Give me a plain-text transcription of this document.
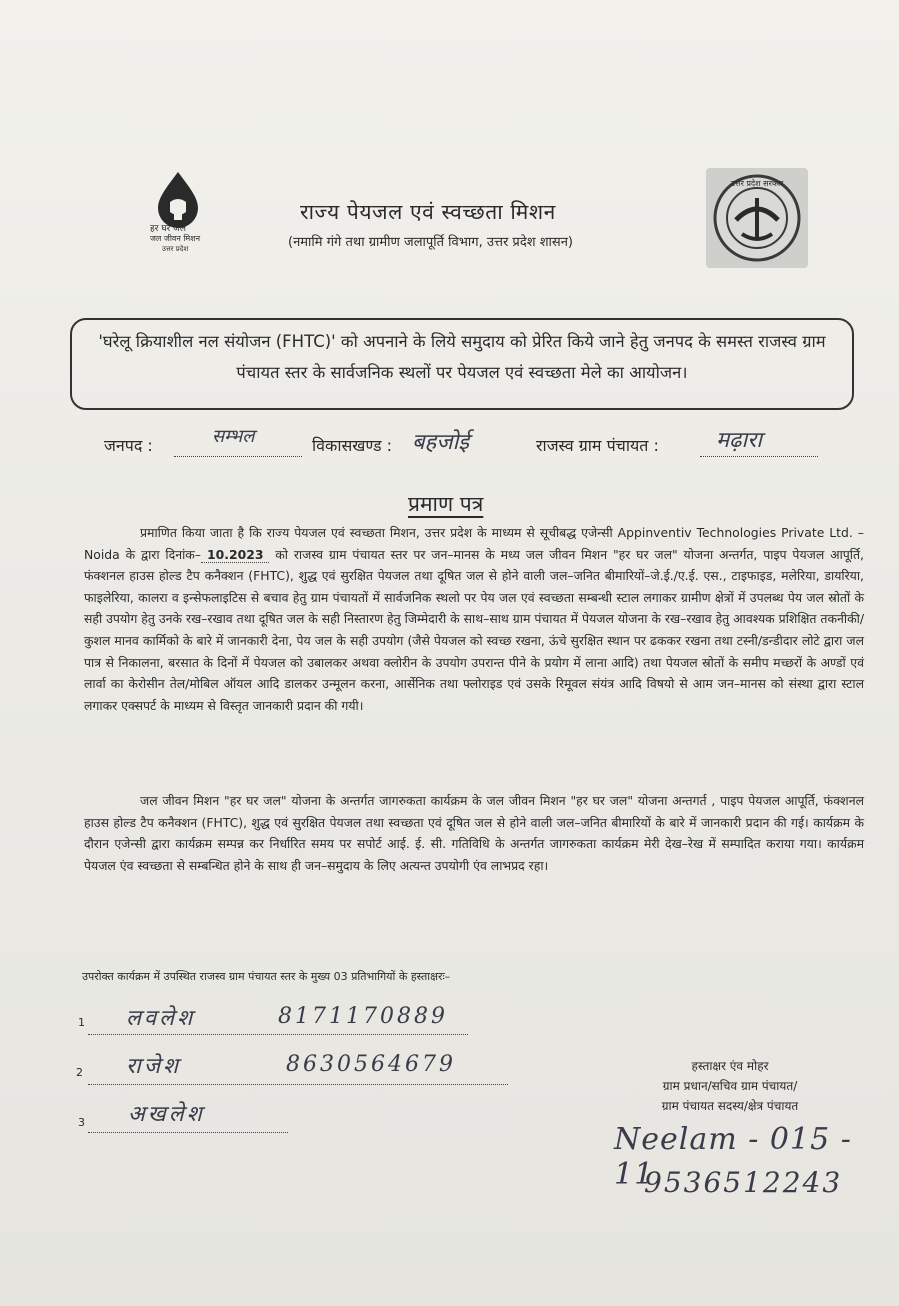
हर घर जल
जल जीवन मिशन
उत्तर प्रदेश
उत्तर प्रदेश सरकार
राज्य पेयजल एवं स्वच्छता मिशन
(नमामि गंगे तथा ग्रामीण जलापूर्ति विभाग, उत्तर प्रदेश शासन)
'घरेलू क्रियाशील नल संयोजन (FHTC)' को अपनाने के लिये समुदाय को प्रेरित किये जाने हेतु जनपद के समस्त राजस्व ग्राम पंचायत स्तर के सार्वजनिक स्थलों पर पेयजल एवं स्वच्छता मेले का आयोजन।
जनपद :	सम्भल	विकासखण्ड : बहजोई	राजस्व ग्राम पंचायत :	मढ़ारा
प्रमाण पत्र

प्रमाणित किया जाता है कि राज्य पेयजल एवं स्वच्छता मिशन, उत्तर प्रदेश के माध्यम से सूचीबद्ध एजेन्सी Appinventiv Technologies Private Ltd. – Noida के द्वारा दिनांक– 10.2023 को राजस्व ग्राम पंचायत स्तर पर जन–मानस के मध्य जल जीवन मिशन "हर घर जल" योजना अन्तर्गत, पाइप पेयजल आपूर्ति, फंक्शनल हाउस होल्ड टैप कनैक्शन (FHTC), शुद्ध एवं सुरक्षित पेयजल तथा दूषित जल से होने वाली जल–जनित बीमारियों–जे.ई./ए.ई. एस., टाइफाइड, मलेरिया, डायरिया, फाइलेरिया, कालरा व इन्सेफलाइटिस से बचाव हेतु ग्राम पंचायतों में सार्वजनिक स्थलो पर पेय जल एवं स्वच्छता सम्बन्धी स्टाल लगाकर ग्रामीण क्षेत्रों में उपलब्ध पेय जल स्रोतों के सही उपयोग हेतु उनके रख–रखाव तथा दूषित जल के सही निस्तारण हेतु जिम्मेदारी के साथ–साथ ग्राम पंचायत में पेयजल योजना के रख–रखाव हेतु आवश्यक प्रशिक्षित तकनीकी/कुशल मानव कार्मिको के बारे में जानकारी देना, पेय जल के सही उपयोग (जैसे पेयजल को स्वच्छ रखना, ऊंचे सुरक्षित स्थान पर ढककर रखना तथा टस्नी/डन्डीदार लोटे द्वारा जल पात्र से निकालना, बरसात के दिनों में पेयजल को उबालकर अथवा क्लोरीन के उपयोग उपरान्त पीने के प्रयोग में लाना आदि) तथा पेयजल स्रोतों के समीप मच्छरों के अण्डों एवं लार्वा का केरोसीन तेल/मोबिल ऑयल आदि डालकर उन्मूलन करना, आर्सेनिक तथा फ्लोराइड एवं उसके रिमूवल संयंत्र आदि विषयो से आम जन–मानस को संस्था द्वारा स्टाल लगाकर एक्सपर्ट के माध्यम से विस्तृत जानकारी प्रदान की गयी।

जल जीवन मिशन "हर घर जल" योजना के अन्तर्गत जागरुकता कार्यक्रम के जल जीवन मिशन "हर घर जल" योजना अन्तगर्त , पाइप पेयजल आपूर्ति, फंक्शनल हाउस होल्ड टैप कनैक्शन (FHTC), शुद्ध एवं सुरक्षित पेयजल तथा स्वच्छता एवं दूषित जल से होने वाली जल–जनित बीमारियों के बारे में जानकारी प्रदान की गई। कार्यक्रम के दौरान एजेन्सी द्वारा कार्यक्रम सम्पन्न कर निर्धारित समय पर सपोर्ट आई. ई. सी. गतिविधि के अन्तर्गत जागरुकता कार्यक्रम मेरी देख–रेख में सम्पादित कराया गया। कार्यक्रम पेयजल एंव स्वच्छता से सम्बन्धित होने के साथ ही जन–समुदाय के लिए अत्यन्त उपयोगी एंव लाभप्रद रहा।

उपरोक्त कार्यक्रम में उपस्थित राजस्व ग्राम पंचायत स्तर के मुख्य 03 प्रतिभागियों के हस्ताक्षरः–
1 लवलेश	8171170889
2 राजेश	8630564679
3 अखलेश
हस्ताक्षर एंव मोहर
ग्राम प्रधान/सचिव ग्राम पंचायत/
ग्राम पंचायत सदस्य/क्षेत्र पंचायत
Neelam - 015 - 11
9536512243
